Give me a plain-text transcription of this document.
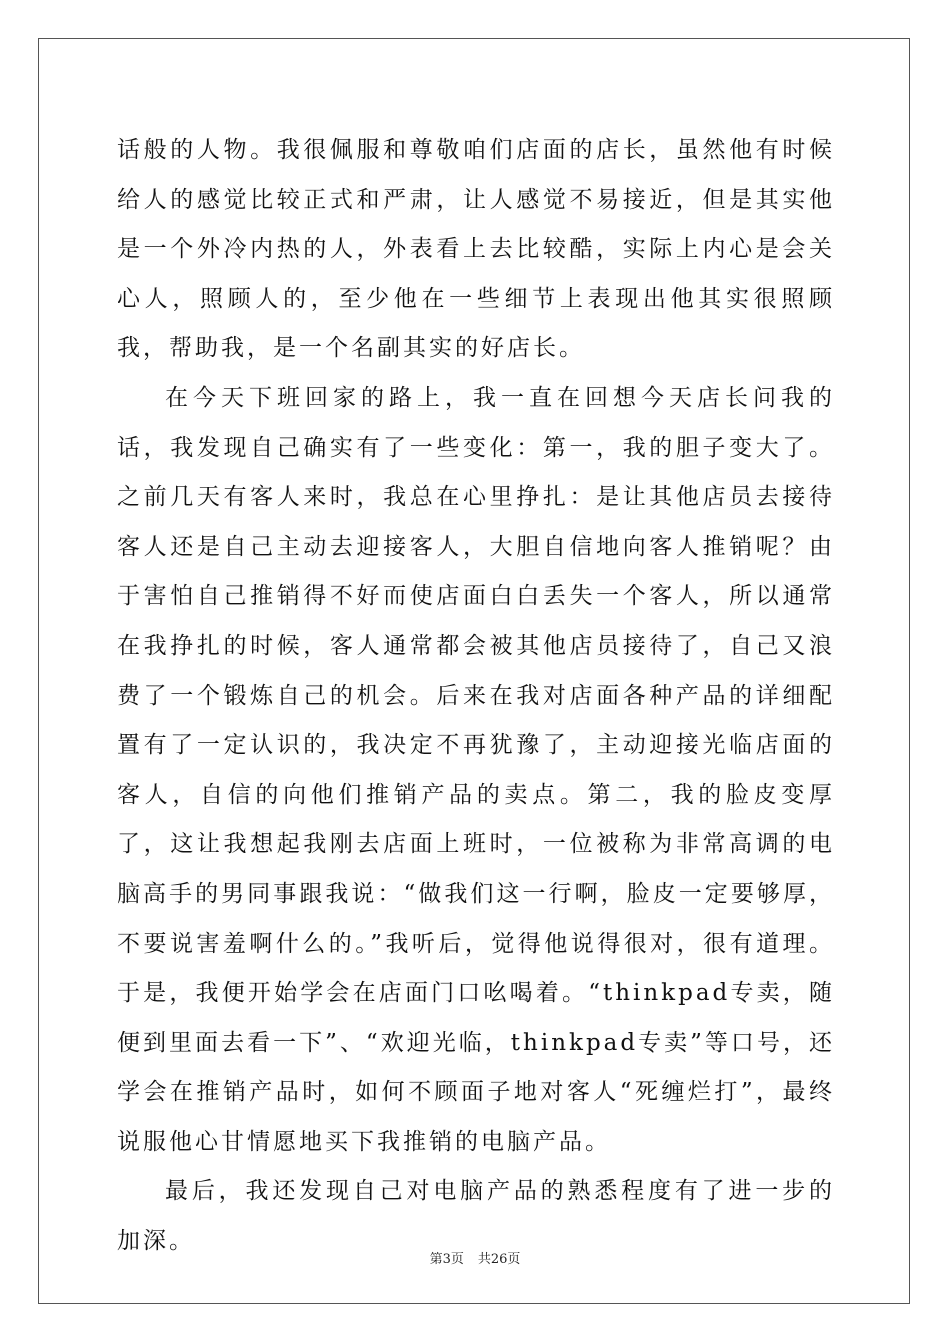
话般的人物。我很佩服和尊敬咱们店面的店长，虽然他有时候给人的感觉比较正式和严肃，让人感觉不易接近，但是其实他是一个外冷内热的人，外表看上去比较酷，实际上内心是会关心人，照顾人的，至少他在一些细节上表现出他其实很照顾我，帮助我，是一个名副其实的好店长。

在今天下班回家的路上，我一直在回想今天店长问我的话，我发现自己确实有了一些变化：第一，我的胆子变大了。之前几天有客人来时，我总在心里挣扎：是让其他店员去接待客人还是自己主动去迎接客人，大胆自信地向客人推销呢？由于害怕自己推销得不好而使店面白白丢失一个客人，所以通常在我挣扎的时候，客人通常都会被其他店员接待了，自己又浪费了一个锻炼自己的机会。后来在我对店面各种产品的详细配置有了一定认识的，我决定不再犹豫了，主动迎接光临店面的客人，自信的向他们推销产品的卖点。第二，我的脸皮变厚了，这让我想起我刚去店面上班时，一位被称为非常高调的电脑高手的男同事跟我说：“做我们这一行啊，脸皮一定要够厚，不要说害羞啊什么的。”我听后，觉得他说得很对，很有道理。于是，我便开始学会在店面门口吆喝着。“thinkpad专卖，随便到里面去看一下”、“欢迎光临，thinkpad专卖”等口号，还学会在推销产品时，如何不顾面子地对客人“死缠烂打”，最终说服他心甘情愿地买下我推销的电脑产品。

最后，我还发现自己对电脑产品的熟悉程度有了进一步的加深。

第3页 共26页
